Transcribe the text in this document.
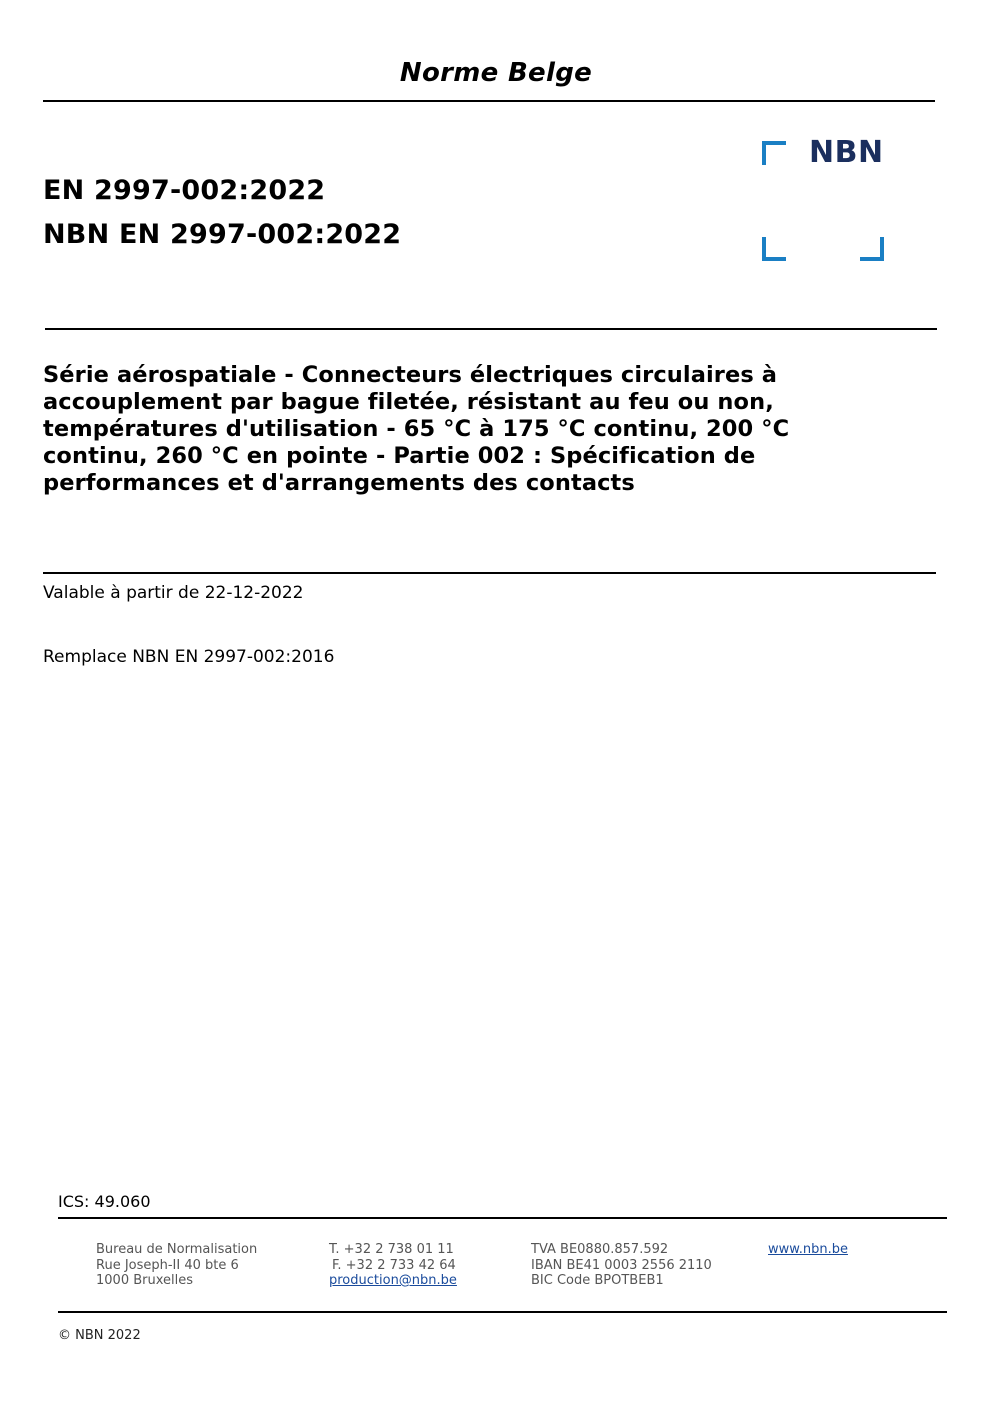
Norme Belge
NBN
EN 2997-002:2022
NBN EN 2997-002:2022
Série aérospatiale - Connecteurs électriques circulaires à
accouplement par bague filetée, résistant au feu ou non,
températures d'utilisation - 65 °C à 175 °C continu, 200 °C
continu, 260 °C en pointe - Partie 002 : Spécification de
performances et d'arrangements des contacts
Valable à partir de 22-12-2022
Remplace NBN EN 2997-002:2016
ICS: 49.060
Bureau de Normalisation
Rue Joseph-II 40 bte 6
1000 Bruxelles
T. +32 2 738 01 11
F. +32 2 733 42 64
production@nbn.be
TVA BE0880.857.592
IBAN BE41 0003 2556 2110
BIC Code BPOTBEB1
www.nbn.be
© NBN 2022
